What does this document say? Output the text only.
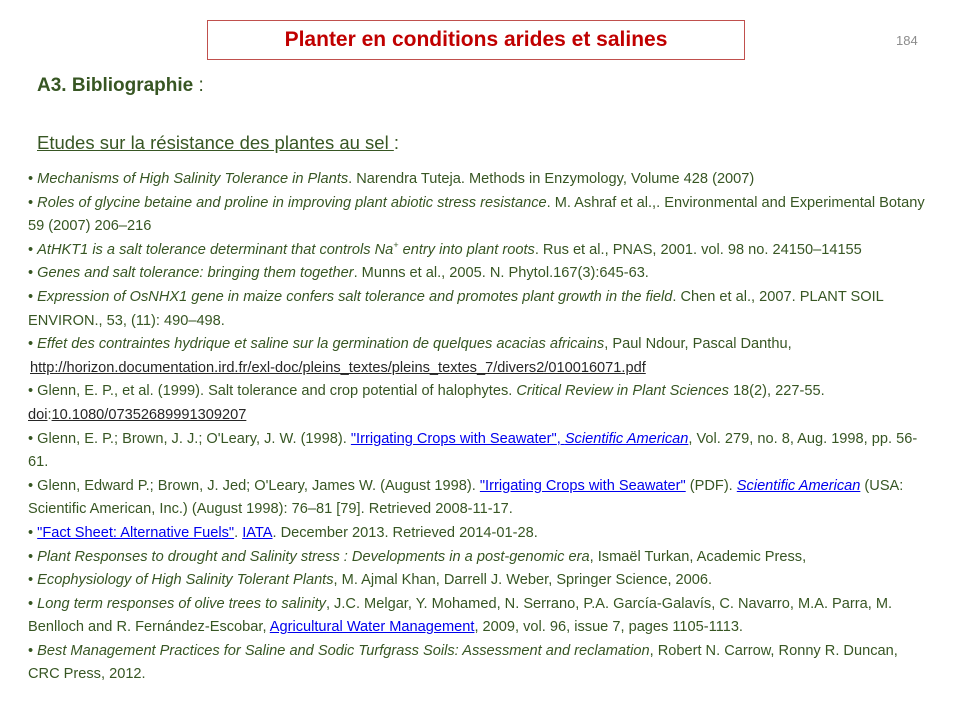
Planter en conditions arides et salines	184
A3. Bibliographie :
Etudes sur la résistance des plantes au sel :

• Mechanisms of High Salinity Tolerance in Plants. Narendra Tuteja. Methods in Enzymology, Volume 428 (2007)

• Roles of glycine betaine and proline in improving plant abiotic stress resistance. M. Ashraf et al.,. Environmental and Experimental Botany 59 (2007) 206–216

• AtHKT1 is a salt tolerance determinant that controls Na+ entry into plant roots. Rus et al., PNAS, 2001. vol. 98 no. 24150–14155

• Genes and salt tolerance: bringing them together. Munns et al., 2005. N. Phytol.167(3):645-63.

• Expression of OsNHX1 gene in maize confers salt tolerance and promotes plant growth in the field. Chen et al., 2007. PLANT SOIL ENVIRON., 53, (11): 490–498.

• Effet des contraintes hydrique et saline sur la germination de quelques acacias africains, Paul Ndour, Pascal Danthu,
http://horizon.documentation.ird.fr/exl-doc/pleins_textes/pleins_textes_7/divers2/010016071.pdf

• Glenn, E. P., et al. (1999). Salt tolerance and crop potential of halophytes. Critical Review in Plant Sciences 18(2), 227-55. doi:10.1080/07352689991309207

• Glenn, E. P.; Brown, J. J.; O'Leary, J. W. (1998). "Irrigating Crops with Seawater", Scientific American, Vol. 279, no. 8, Aug. 1998, pp. 56-61.

• Glenn, Edward P.; Brown, J. Jed; O'Leary, James W. (August 1998). "Irrigating Crops with Seawater" (PDF). Scientific American (USA: Scientific American, Inc.) (August 1998): 76–81 [79]. Retrieved 2008-11-17.

• "Fact Sheet: Alternative Fuels". IATA. December 2013. Retrieved 2014-01-28.

• Plant Responses to drought and Salinity stress : Developments in a post-genomic era, Ismaël Turkan, Academic Press,

• Ecophysiology of High Salinity Tolerant Plants, M. Ajmal Khan, Darrell J. Weber, Springer Science, 2006.

• Long term responses of olive trees to salinity, J.C. Melgar, Y. Mohamed, N. Serrano, P.A. García-Galavís, C. Navarro, M.A. Parra, M. Benlloch and R. Fernández-Escobar, Agricultural Water Management, 2009, vol. 96, issue 7, pages 1105-1113.

• Best Management Practices for Saline and Sodic Turfgrass Soils: Assessment and reclamation, Robert N. Carrow, Ronny R. Duncan, CRC Press, 2012.
